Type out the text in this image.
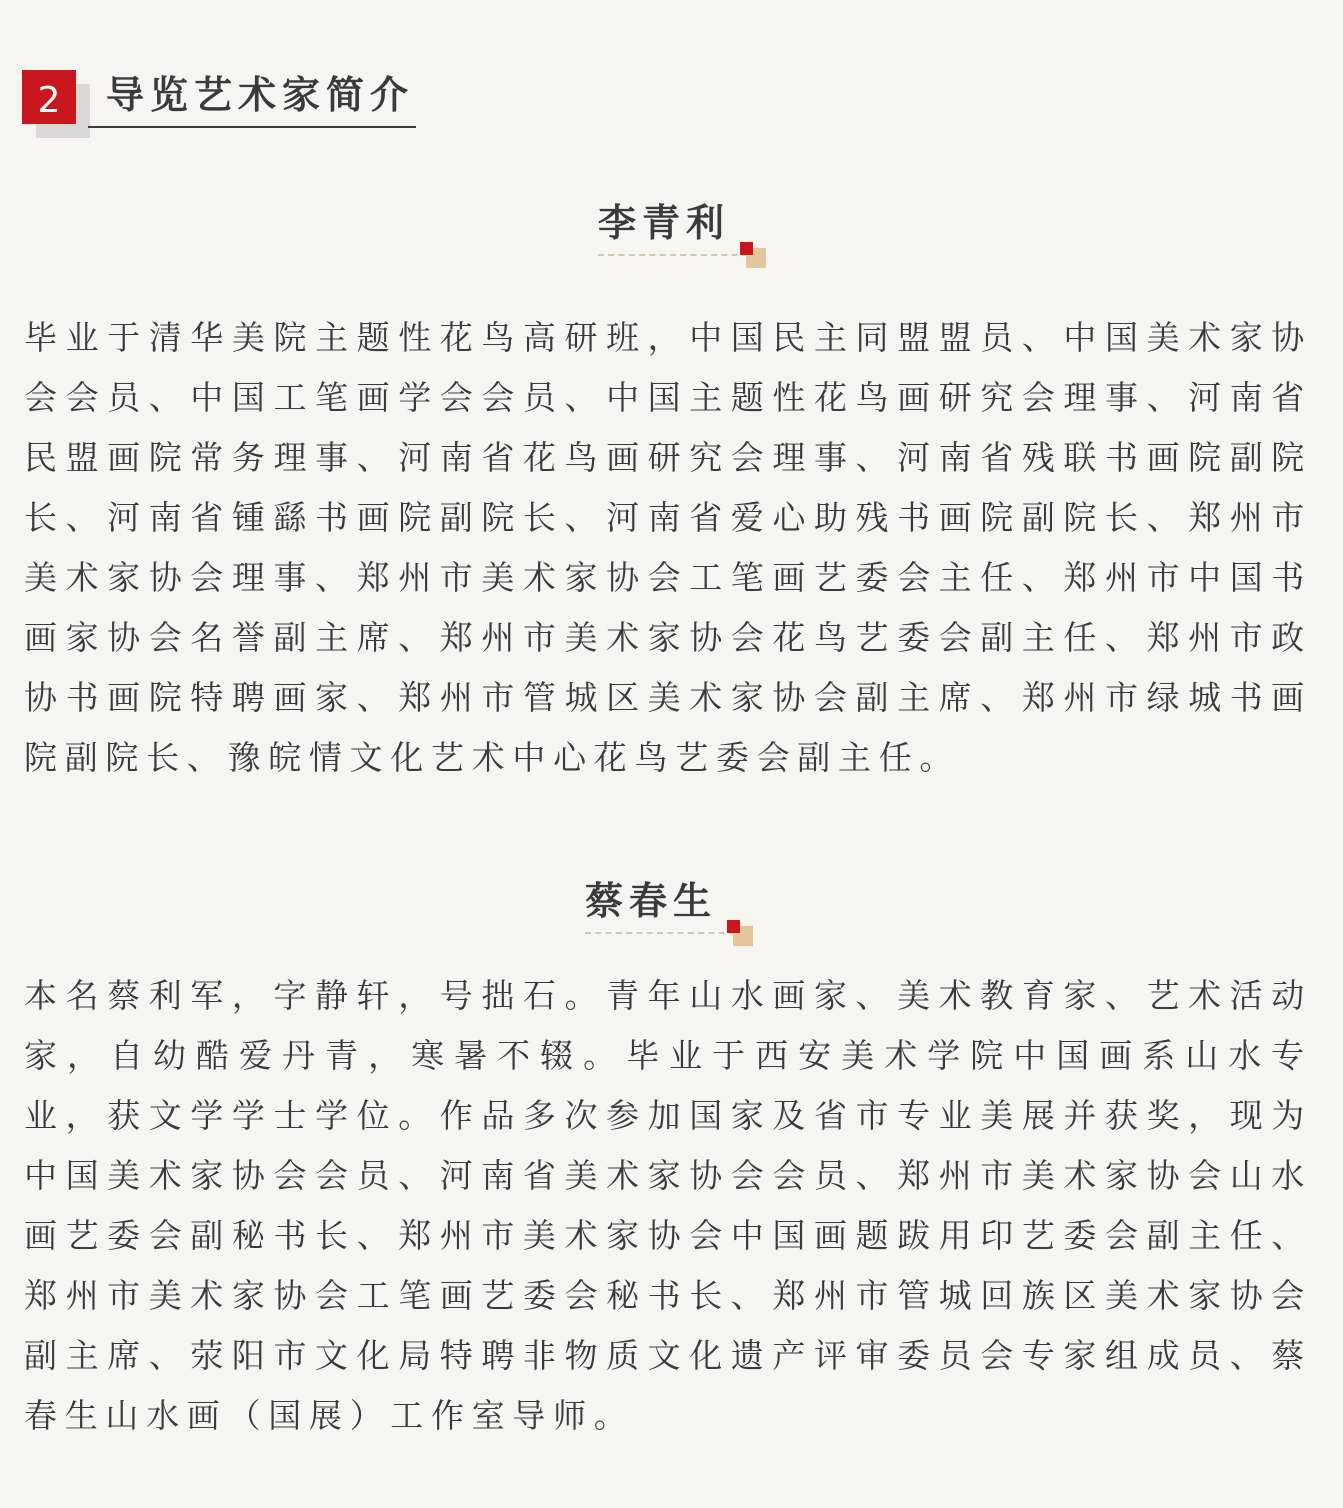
2	导览艺术家简介
李青利

毕业于清华美院主题性花鸟高研班，中国民主同盟盟员、中国美术家协会会员、中国工笔画学会会员、中国主题性花鸟画研究会理事、河南省民盟画院常务理事、河南省花鸟画研究会理事、河南省残联书画院副院长、河南省锺繇书画院副院长、河南省爱心助残书画院副院长、郑州市美术家协会理事、郑州市美术家协会工笔画艺委会主任、郑州市中国书画家协会名誉副主席、郑州市美术家协会花鸟艺委会副主任、郑州市政协书画院特聘画家、郑州市管城区美术家协会副主席、郑州市绿城书画院副院长、豫皖情文化艺术中心花鸟艺委会副主任。

蔡春生

本名蔡利军，字静轩，号拙石。青年山水画家、美术教育家、艺术活动家，自幼酷爱丹青，寒暑不辍。毕业于西安美术学院中国画系山水专业，获文学学士学位。作品多次参加国家及省市专业美展并获奖，现为中国美术家协会会员、河南省美术家协会会员、郑州市美术家协会山水画艺委会副秘书长、郑州市美术家协会中国画题跋用印艺委会副主任、郑州市美术家协会工笔画艺委会秘书长、郑州市管城回族区美术家协会副主席、荥阳市文化局特聘非物质文化遗产评审委员会专家组成员、蔡春生山水画（国展）工作室导师。
